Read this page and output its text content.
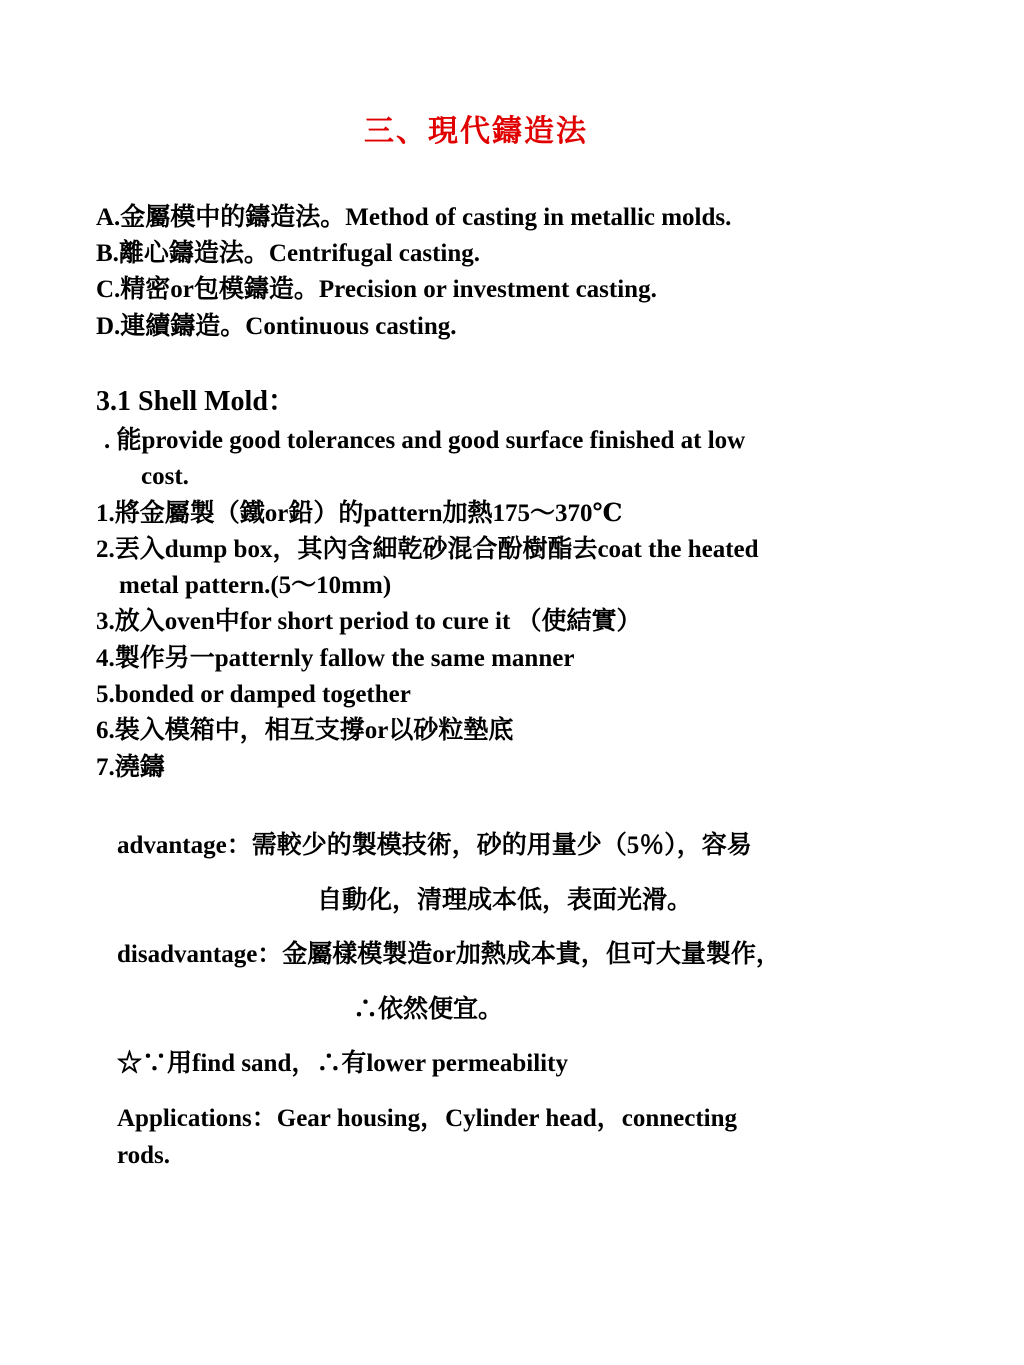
三、現代鑄造法
A.金屬模中的鑄造法。Method of casting in metallic molds.
B.離心鑄造法。Centrifugal casting.
C.精密or包模鑄造。Precision or investment casting.
D.連續鑄造。Continuous casting.
3.1 Shell Mold：
. 能provide good tolerances and good surface finished at low
cost.
1.將金屬製（鐵or鉛）的pattern加熱175～370℃
2.丟入dump box，其內含細乾砂混合酚樹酯去coat the heated
metal pattern.(5～10mm)
3.放入oven中for short period to cure it （使結實）
4.製作另一patternly fallow the same manner
5.bonded or damped together
6.裝入模箱中，相互支撐or以砂粒墊底
7.澆鑄
advantage：需較少的製模技術，砂的用量少（5％），容易
自動化，清理成本低，表面光滑。
disadvantage：金屬樣模製造or加熱成本貴，但可大量製作，
∴依然便宜。
☆∵用find sand，∴有lower permeability
Applications：Gear housing，Cylinder head，connecting
rods.
